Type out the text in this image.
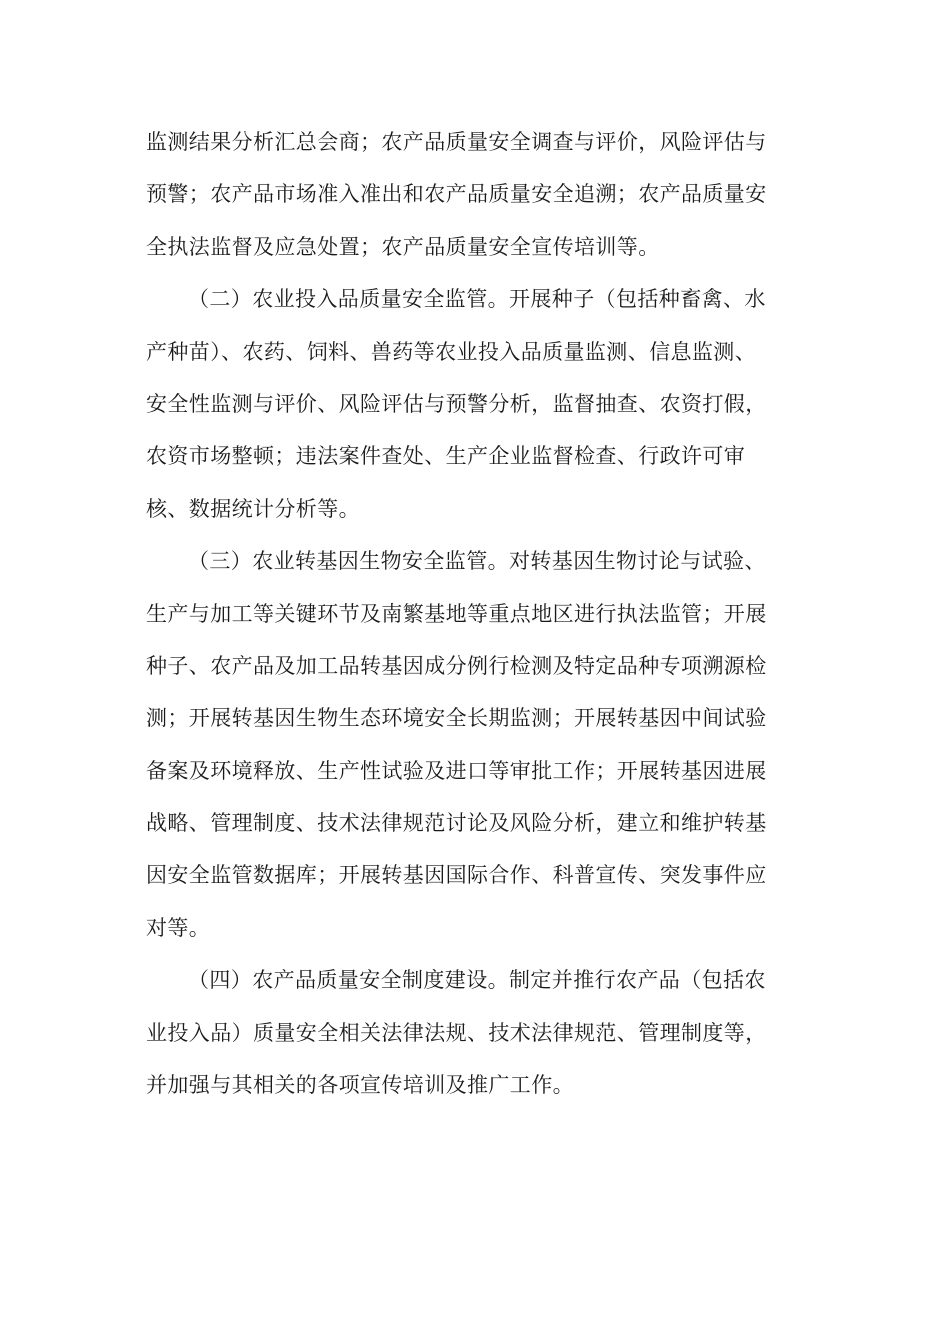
监测结果分析汇总会商；农产品质量安全调查与评价，风险评估与
预警；农产品市场准入准出和农产品质量安全追溯；农产品质量安
全执法监督及应急处置；农产品质量安全宣传培训等。
（二）农业投入品质量安全监管。开展种子（包括种畜禽、水
产种苗）、农药、饲料、兽药等农业投入品质量监测、信息监测、
安全性监测与评价、风险评估与预警分析，监督抽查、农资打假，
农资市场整顿；违法案件查处、生产企业监督检查、行政许可审
核、数据统计分析等。
（三）农业转基因生物安全监管。对转基因生物讨论与试验、
生产与加工等关键环节及南繁基地等重点地区进行执法监管；开展
种子、农产品及加工品转基因成分例行检测及特定品种专项溯源检
测；开展转基因生物生态环境安全长期监测；开展转基因中间试验
备案及环境释放、生产性试验及进口等审批工作；开展转基因进展
战略、管理制度、技术法律规范讨论及风险分析，建立和维护转基
因安全监管数据库；开展转基因国际合作、科普宣传、突发事件应
对等。
（四）农产品质量安全制度建设。制定并推行农产品（包括农
业投入品）质量安全相关法律法规、技术法律规范、管理制度等，
并加强与其相关的各项宣传培训及推广工作。
